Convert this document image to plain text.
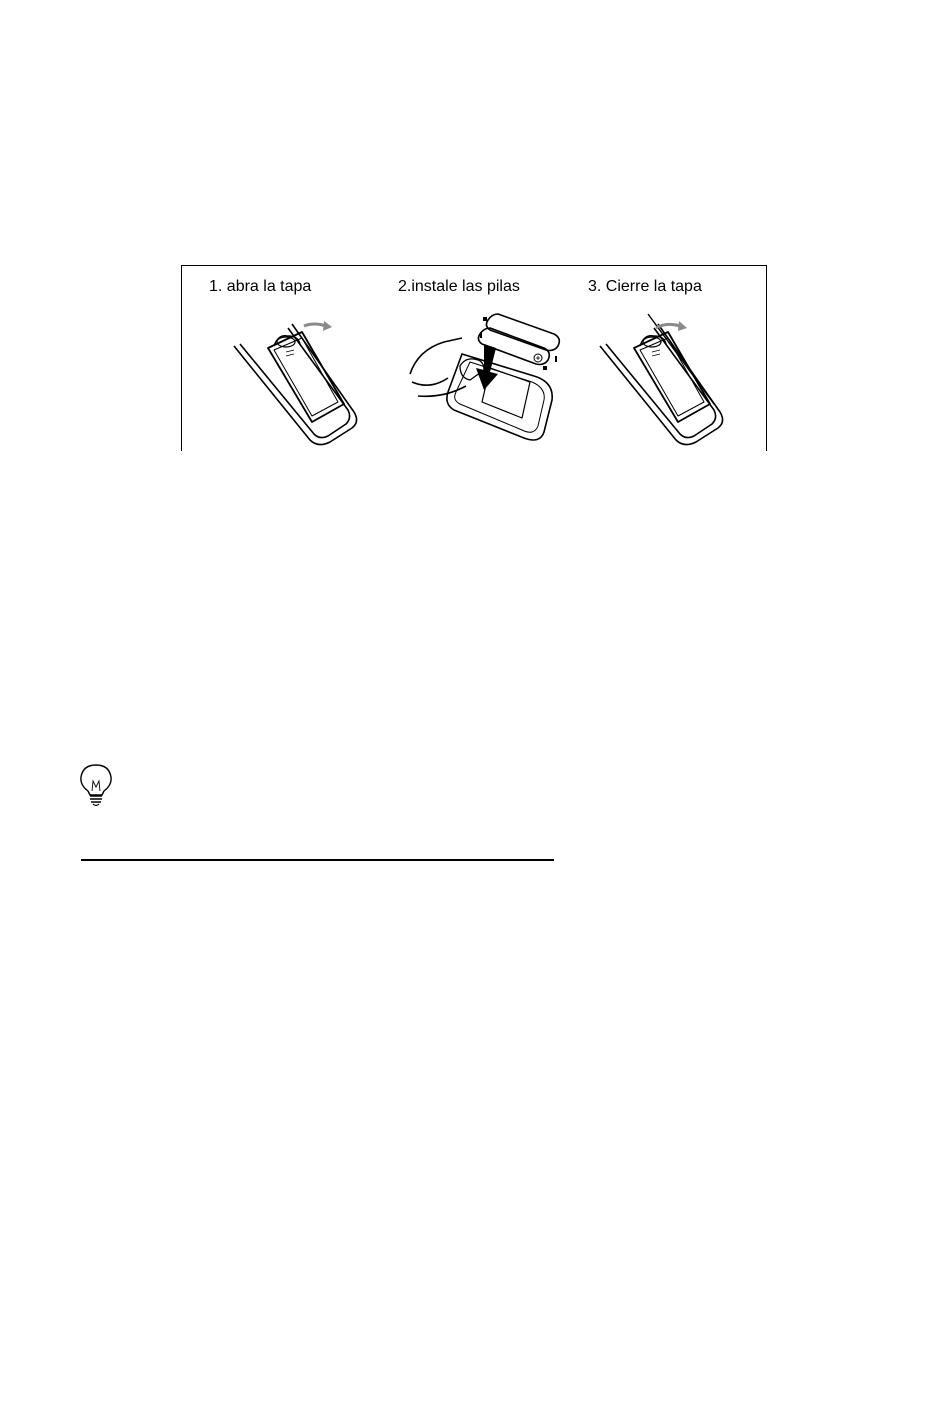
1. abra la tapa	2.instale las pilas	3. Cierre la tapa
